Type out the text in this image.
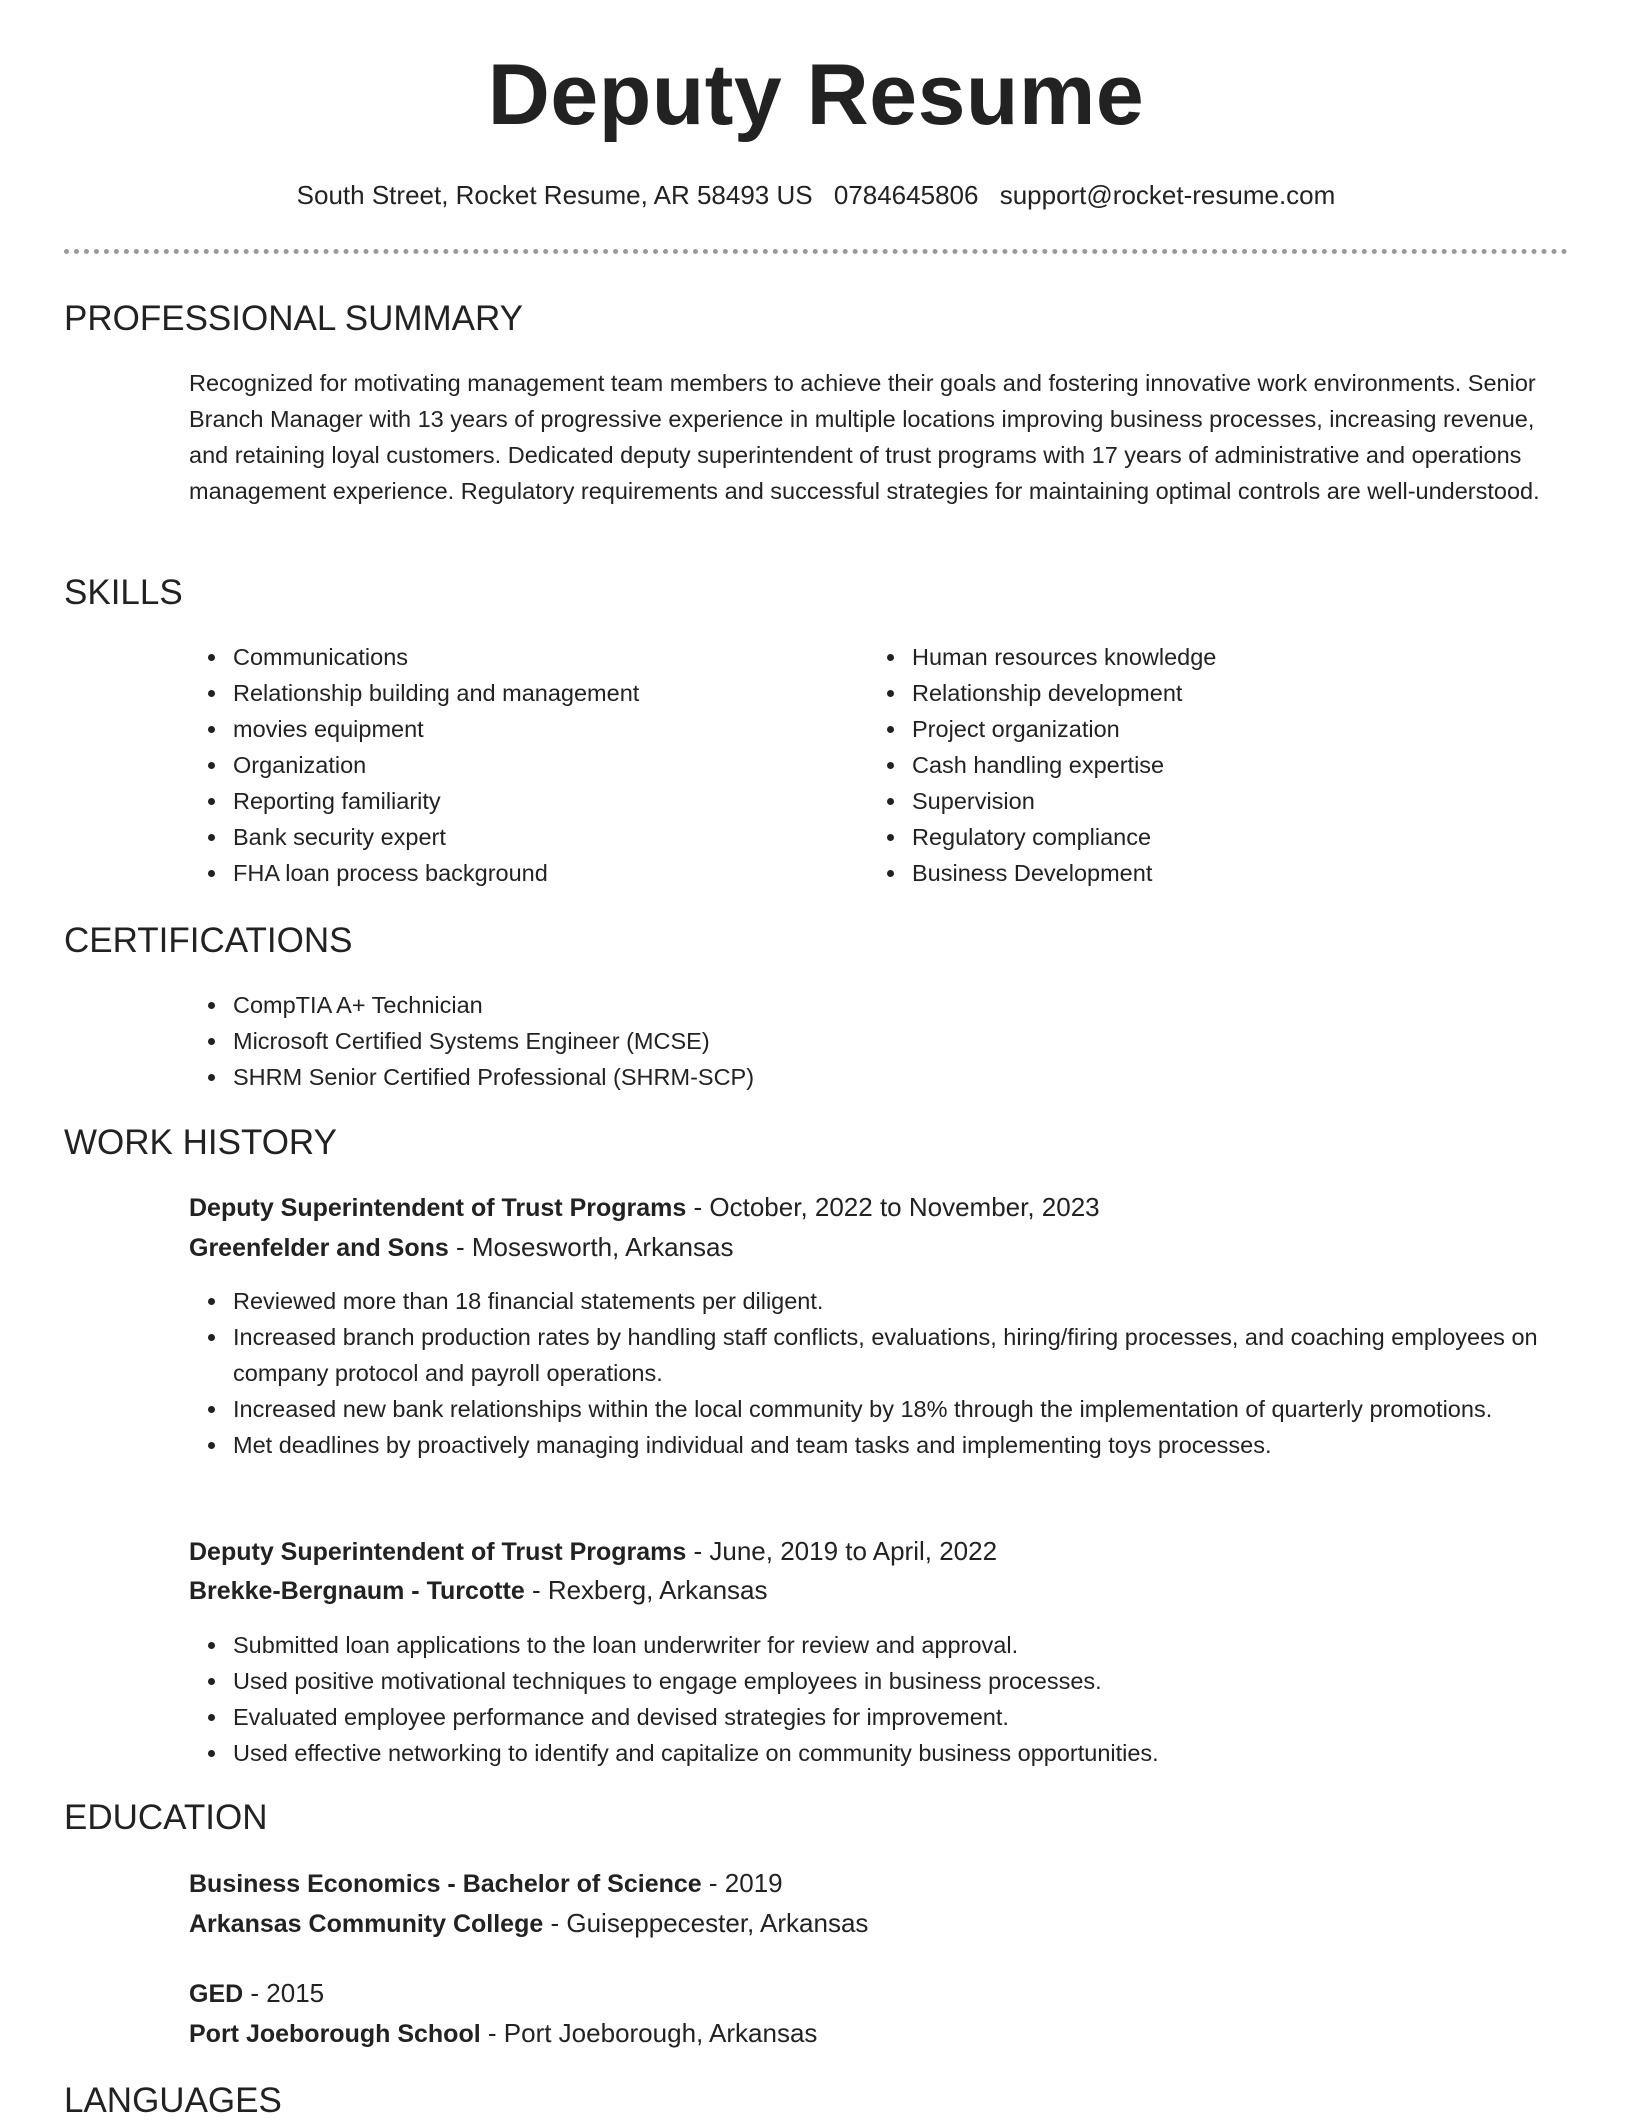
Deputy Resume
South Street, Rocket Resume, AR 58493 US 0784645806 support@rocket-resume.com
PROFESSIONAL SUMMARY

Recognized for motivating management team members to achieve their goals and fostering innovative work environments. Senior Branch Manager with 13 years of progressive experience in multiple locations improving business processes, increasing revenue, and retaining loyal customers. Dedicated deputy superintendent of trust programs with 17 years of administrative and operations management experience. Regulatory requirements and successful strategies for maintaining optimal controls are well-understood.

SKILLS
Communications
Relationship building and management
movies equipment
Organization
Reporting familiarity
Bank security expert
FHA loan process background
Human resources knowledge
Relationship development
Project organization
Cash handling expertise
Supervision
Regulatory compliance
Business Development
CERTIFICATIONS
CompTIA A+ Technician
Microsoft Certified Systems Engineer (MCSE)
SHRM Senior Certified Professional (SHRM-SCP)
WORK HISTORY
Deputy Superintendent of Trust Programs - October, 2022 to November, 2023
Greenfelder and Sons - Mosesworth, Arkansas
Reviewed more than 18 financial statements per diligent.
Increased branch production rates by handling staff conflicts, evaluations, hiring/firing processes, and coaching employees on company protocol and payroll operations.
Increased new bank relationships within the local community by 18% through the implementation of quarterly promotions.
Met deadlines by proactively managing individual and team tasks and implementing toys processes.
Deputy Superintendent of Trust Programs - June, 2019 to April, 2022
Brekke-Bergnaum - Turcotte - Rexberg, Arkansas
Submitted loan applications to the loan underwriter for review and approval.
Used positive motivational techniques to engage employees in business processes.
Evaluated employee performance and devised strategies for improvement.
Used effective networking to identify and capitalize on community business opportunities.
EDUCATION
Business Economics - Bachelor of Science - 2019
Arkansas Community College - Guiseppecester, Arkansas
GED - 2015
Port Joeborough School - Port Joeborough, Arkansas
LANGUAGES
